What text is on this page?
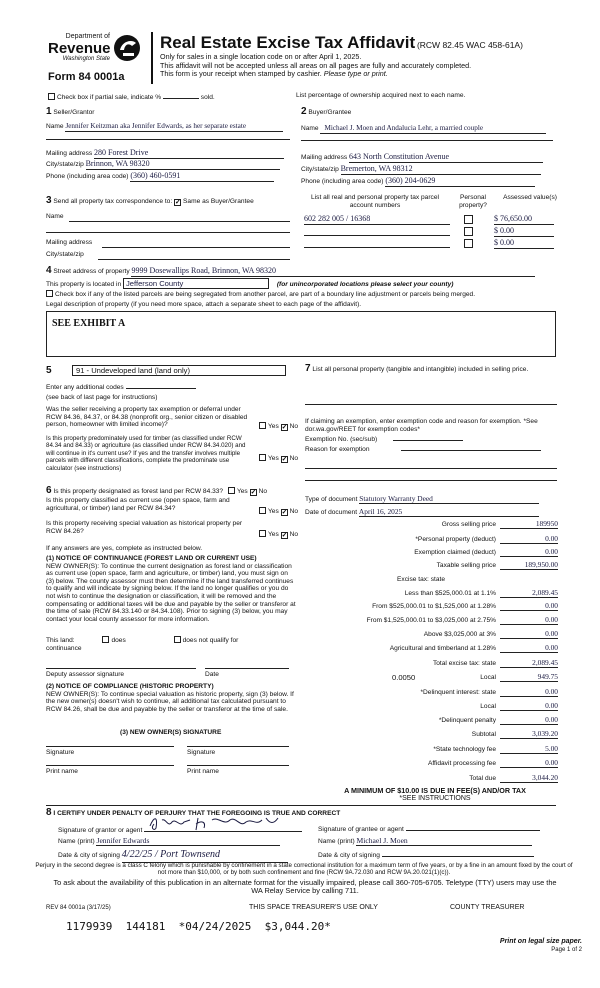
Department of
Revenue
Washington State
Form 84 0001a
Real Estate Excise Tax Affidavit (RCW 82.45 WAC 458-61A)
Only for sales in a single location code on or after April 1, 2025.
This affidavit will not be accepted unless all areas on all pages are fully and accurately completed.
This form is your receipt when stamped by cashier. Please type or print.
Check box if partial sale, indicate %	sold.	List percentage of ownership acquired next to each name.
1 Seller/Grantor
Name Jennifer Keitzman aka Jennifer Edwards, as her separate estate
Mailing address 280 Forest Drive
City/state/zip Brinnon, WA 98320
Phone (including area code) (360) 460-0591
2 Buyer/Grantee
Name Michael J. Moen and Andalucia Lehr, a married couple
Mailing address 643 North Constitution Avenue
City/state/zip Bremerton, WA 98312
Phone (including area code) (360) 204-0629
3 Send all property tax correspondence to: ✓ Same as Buyer/Grantee
Name
Mailing address
City/state/zip
List all real and personal property tax parcel account numbers
Personal property?
Assessed value(s)
602 282 005 / 16368	$ 76,650.00
$ 0.00
$ 0.00
4 Street address of property 9999 Dosewallips Road, Brinnon, WA 98320
This property is located in Jefferson County	(for unincorporated locations please select your county)
Check box if any of the listed parcels are being segregated from another parcel, are part of a boundary line adjustment or parcels being merged.
Legal description of property (if you need more space, attach a separate sheet to each page of the affidavit).
SEE EXHIBIT A
5	91 - Undeveloped land (land only)
Enter any additional codes
(see back of last page for instructions)
Was the seller receiving a property tax exemption or deferral under RCW 84.36, 84.37, or 84.38 (nonprofit org., senior citizen or disabled person, homeowner with limited income)?	Yes ✓ No
Is this property predominately used for timber (as classified under RCW 84.34 and 84.33) or agriculture (as classified under RCW 84.34.020) and will continue in it's current use? If yes and the transfer involves multiple parcels with different classifications, complete the predominate use calculator (see instructions)
Yes ✓ No
6 Is this property designated as forest land per RCW 84.33? Yes ✓ No
Is this property classified as current use (open space, farm and agricultural, or timber) land per RCW 84.34?	Yes ✓ No
Is this property receiving special valuation as historical property per RCW 84.26?	Yes ✓ No
If any answers are yes, complete as instructed below.
(1) NOTICE OF CONTINUANCE (FOREST LAND OR CURRENT USE)
NEW OWNER(S): To continue the current designation as forest land or classification as current use (open space, farm and agriculture, or timber) land, you must sign on (3) below. The county assessor must then determine if the land transferred continues to qualify and will indicate by signing below. If the land no longer qualifies or you do not wish to continue the designation or classification, it will be removed and the compensating or additional taxes will be due and payable by the seller or transferor at the time of sale (RCW 84.33.140 or 84.34.108). Prior to signing (3) below, you may contact your local county assessor for more information.
This land:	does	does not qualify for
continuance
Deputy assessor signature	Date
(2) NOTICE OF COMPLIANCE (HISTORIC PROPERTY)
NEW OWNER(S): To continue special valuation as historic property, sign (3) below. If the new owner(s) doesn't wish to continue, all additional tax calculated pursuant to RCW 84.26, shall be due and payable by the seller or transferor at the time of sale.
(3) NEW OWNER(S) SIGNATURE
Signature	Signature
Print name	Print name
7 List all personal property (tangible and intangible) included in selling price.
If claiming an exemption, enter exemption code and reason for exemption. *See dor.wa.gov/REET for exemption codes*
Exemption No. (sec/sub)
Reason for exemption
Type of document Statutory Warranty Deed
Date of document April 16, 2025
Gross selling price	189950
*Personal property (deduct)	0.00
Exemption claimed (deduct)	0.00
Taxable selling price	189,950.00
Excise tax: state
Less than $525,000.01 at 1.1%	2,089.45
From $525,000.01 to $1,525,000 at 1.28%	0.00
From $1,525,000.01 to $3,025,000 at 2.75%	0.00
Above $3,025,000 at 3%	0.00
Agricultural and timberland at 1.28%	0.00
Total excise tax: state	2,089.45
0.0050	Local	949.75
*Delinquent interest: state	0.00
Local	0.00
*Delinquent penalty	0.00
Subtotal	3,039.20
*State technology fee	5.00
Affidavit processing fee	0.00
Total due	3,044.20
A MINIMUM OF $10.00 IS DUE IN FEE(S) AND/OR TAX
*SEE INSTRUCTIONS
8 I CERTIFY UNDER PENALTY OF PERJURY THAT THE FOREGOING IS TRUE AND CORRECT
Signature of grantor or agent
Name (print) Jennifer Edwards
Date & city of signing 4/22/25 / Port Townsend
Signature of grantee or agent
Name (print) Michael J. Moen
Date & city of signing
Perjury in the second degree is a class C felony which is punishable by confinement in a state correctional institution for a maximum term of five years, or by a fine in an amount fixed by the court of not more than $10,000, or by both such confinement and fine (RCW 9A.72.030 and RCW 9A.20.021(1)(c)).
To ask about the availability of this publication in an alternate format for the visually impaired, please call 360-705-6705. Teletype (TTY) users may use the WA Relay Service by calling 711.
REV 84 0001a (3/17/25)	THIS SPACE TREASURER'S USE ONLY	COUNTY TREASURER
1179939  144181  *04/24/2025  $3,044.20*
Print on legal size paper.
Page 1 of 2
